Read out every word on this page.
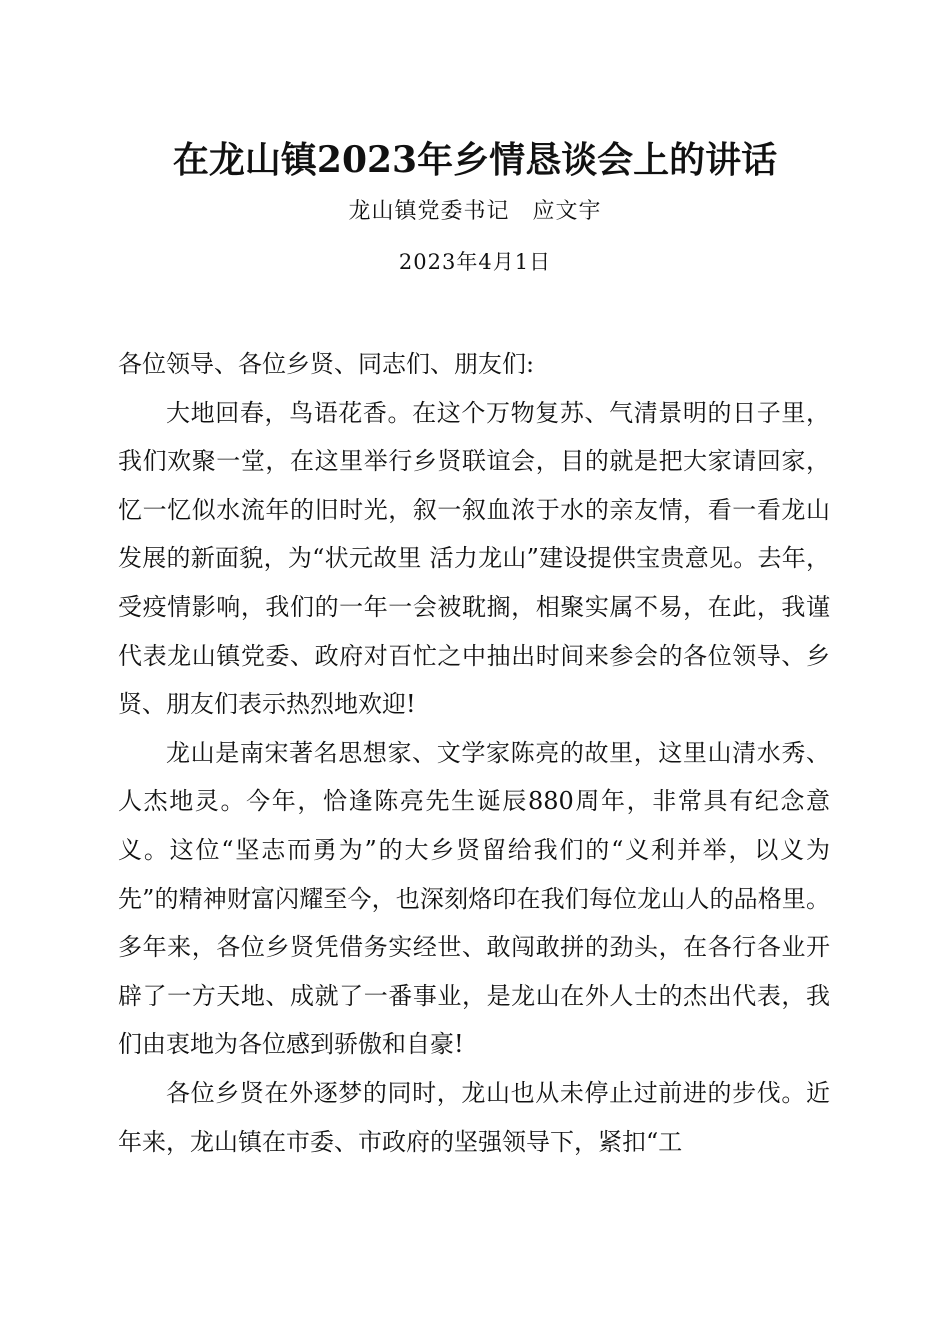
在龙山镇2023年乡情恳谈会上的讲话
龙山镇党委书记　应文宇
2023年4月1日

各位领导、各位乡贤、同志们、朋友们:

大地回春，鸟语花香。在这个万物复苏、气清景明的日子里，我们欢聚一堂，在这里举行乡贤联谊会，目的就是把大家请回家，忆一忆似水流年的旧时光，叙一叙血浓于水的亲友情，看一看龙山发展的新面貌，为“状元故里 活力龙山”建设提供宝贵意见。去年，受疫情影响，我们的一年一会被耽搁，相聚实属不易，在此，我谨代表龙山镇党委、政府对百忙之中抽出时间来参会的各位领导、乡贤、朋友们表示热烈地欢迎!

龙山是南宋著名思想家、文学家陈亮的故里，这里山清水秀、人杰地灵。今年，恰逢陈亮先生诞辰880周年，非常具有纪念意义。这位“坚志而勇为”的大乡贤留给我们的“义利并举，以义为先”的精神财富闪耀至今，也深刻烙印在我们每位龙山人的品格里。多年来，各位乡贤凭借务实经世、敢闯敢拼的劲头，在各行各业开辟了一方天地、成就了一番事业，是龙山在外人士的杰出代表，我们由衷地为各位感到骄傲和自豪!

各位乡贤在外逐梦的同时，龙山也从未停止过前进的步伐。近年来，龙山镇在市委、市政府的坚强领导下，紧扣“工
